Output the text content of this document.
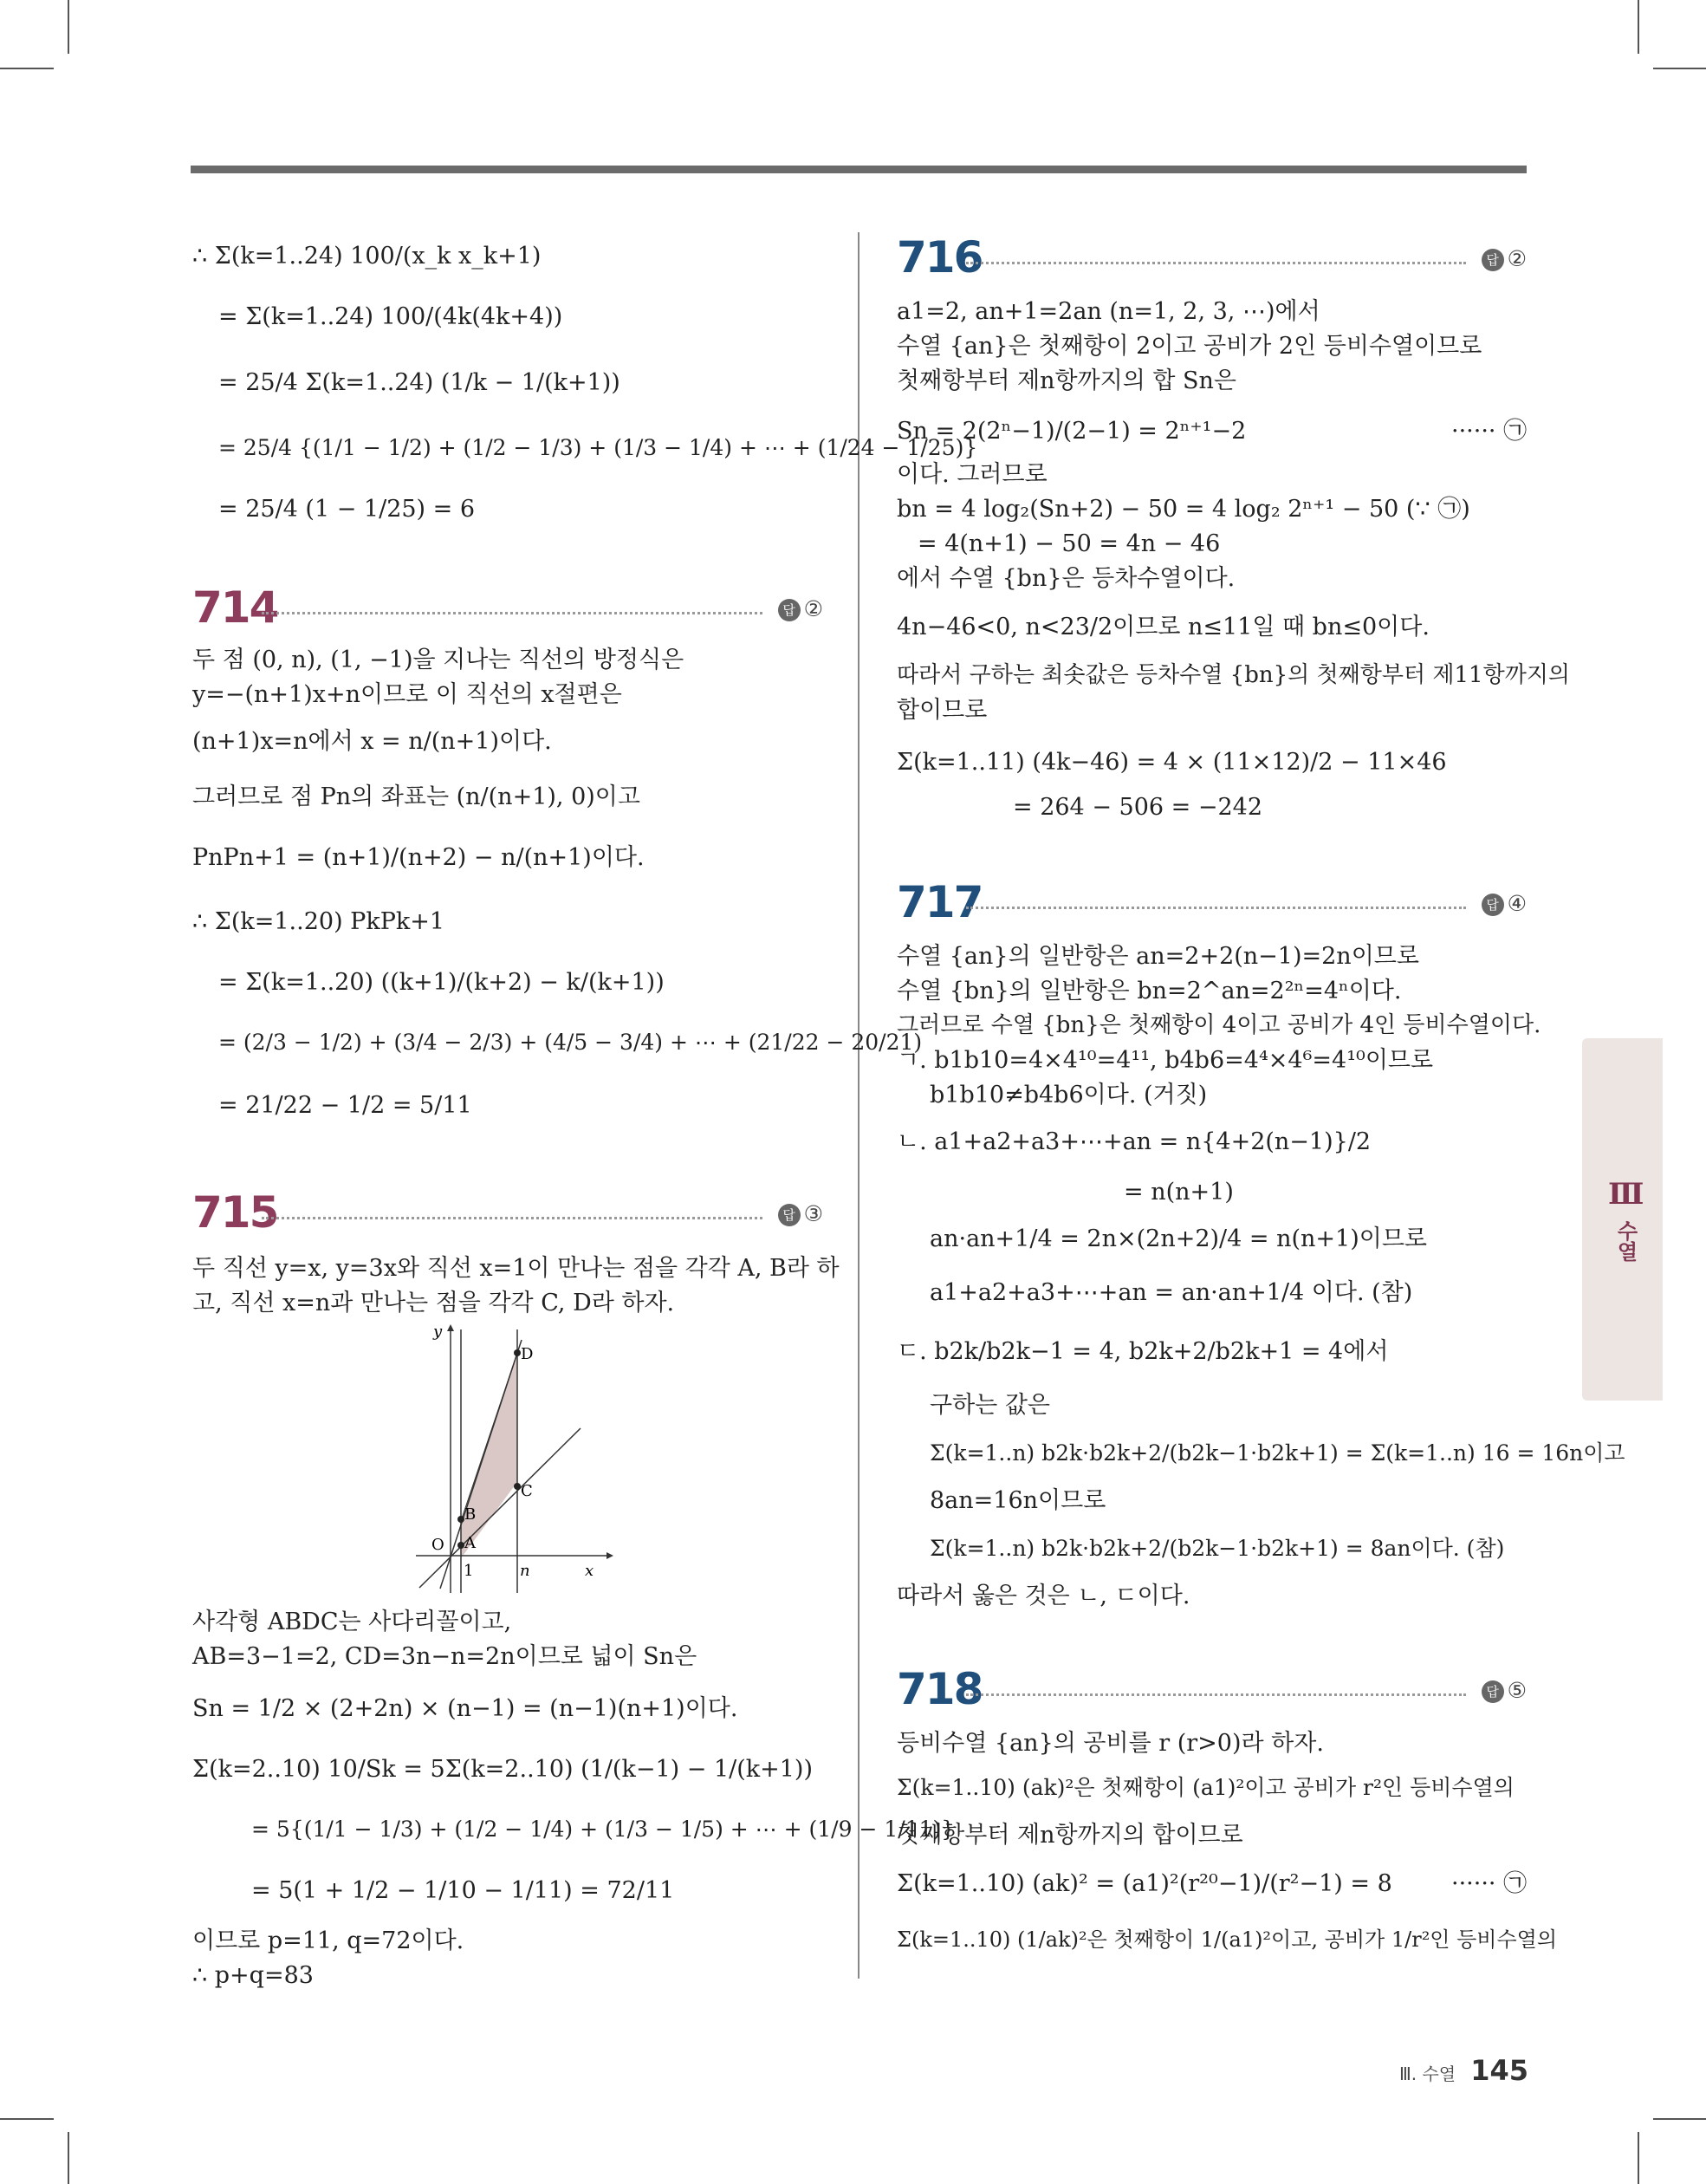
∴ Σ(k=1..24) 100/(x_k x_k+1)
= Σ(k=1..24) 100/(4k(4k+4))
= 25/4 Σ(k=1..24) (1/k − 1/(k+1))
= 25/4 {(1/1 − 1/2) + (1/2 − 1/3) + (1/3 − 1/4) + ⋯ + (1/24 − 1/25)}
= 25/4 (1 − 1/25) = 6
714	답 ②
두 점 (0, n), (1, −1)을 지나는 직선의 방정식은
y=−(n+1)x+n이므로 이 직선의 x절편은
(n+1)x=n에서 x = n/(n+1)이다.
그러므로 점 Pn의 좌표는 (n/(n+1), 0)이고
PnPn+1 = (n+1)/(n+2) − n/(n+1)이다.
∴ Σ(k=1..20) PkPk+1
= Σ(k=1..20) ((k+1)/(k+2) − k/(k+1))
= (2/3 − 1/2) + (3/4 − 2/3) + (4/5 − 3/4) + ⋯ + (21/22 − 20/21)
= 21/22 − 1/2 = 5/11
715	답 ③
두 직선 y=x, y=3x와 직선 x=1이 만나는 점을 각각 A, B라 하
고, 직선 x=n과 만나는 점을 각각 C, D라 하자.
y
x
O A
B
C
D
1	n
사각형 ABDC는 사다리꼴이고,
AB=3−1=2, CD=3n−n=2n이므로 넓이 Sn은
Sn = 1/2 × (2+2n) × (n−1) = (n−1)(n+1)이다.
Σ(k=2..10) 10/Sk = 5Σ(k=2..10) (1/(k−1) − 1/(k+1))
= 5{(1/1 − 1/3) + (1/2 − 1/4) + (1/3 − 1/5) + ⋯ + (1/9 − 1/11)}
= 5(1 + 1/2 − 1/10 − 1/11) = 72/11
이므로 p=11, q=72이다.
∴ p+q=83
716	답 ②
a1=2, an+1=2an (n=1, 2, 3, ⋯)에서
수열 {an}은 첫째항이 2이고 공비가 2인 등비수열이므로
첫째항부터 제n항까지의 합 Sn은
Sn = 2(2ⁿ−1)/(2−1) = 2ⁿ⁺¹−2	······ ㉠
이다. 그러므로
bn = 4 log₂(Sn+2) − 50 = 4 log₂ 2ⁿ⁺¹ − 50 (∵ ㉠)
= 4(n+1) − 50 = 4n − 46
에서 수열 {bn}은 등차수열이다.
4n−46<0, n<23/2이므로 n≤11일 때 bn≤0이다.
따라서 구하는 최솟값은 등차수열 {bn}의 첫째항부터 제11항까지의
합이므로
Σ(k=1..11) (4k−46) = 4 × (11×12)/2 − 11×46
= 264 − 506 = −242
717	답 ④
수열 {an}의 일반항은 an=2+2(n−1)=2n이므로
수열 {bn}의 일반항은 bn=2^an=2²ⁿ=4ⁿ이다.
그러므로 수열 {bn}은 첫째항이 4이고 공비가 4인 등비수열이다.
ㄱ. b1b10=4×4¹⁰=4¹¹, b4b6=4⁴×4⁶=4¹⁰이므로
b1b10≠b4b6이다. (거짓)
ㄴ. a1+a2+a3+⋯+an = n{4+2(n−1)}/2
= n(n+1)
an·an+1/4 = 2n×(2n+2)/4 = n(n+1)이므로
a1+a2+a3+⋯+an = an·an+1/4 이다. (참)
ㄷ. b2k/b2k−1 = 4, b2k+2/b2k+1 = 4에서
구하는 값은
Σ(k=1..n) b2k·b2k+2/(b2k−1·b2k+1) = Σ(k=1..n) 16 = 16n이고
8an=16n이므로
Σ(k=1..n) b2k·b2k+2/(b2k−1·b2k+1) = 8an이다. (참)
따라서 옳은 것은 ㄴ, ㄷ이다.
718	답 ⑤
등비수열 {an}의 공비를 r (r>0)라 하자.
Σ(k=1..10) (ak)²은 첫째항이 (a1)²이고 공비가 r²인 등비수열의
첫째항부터 제n항까지의 합이므로
Σ(k=1..10) (ak)² = (a1)²(r²⁰−1)/(r²−1) = 8	······ ㉠
Σ(k=1..10) (1/ak)²은 첫째항이 1/(a1)²이고, 공비가 1/r²인 등비수열의
Ⅲ
수열
Ⅲ. 수열 145
